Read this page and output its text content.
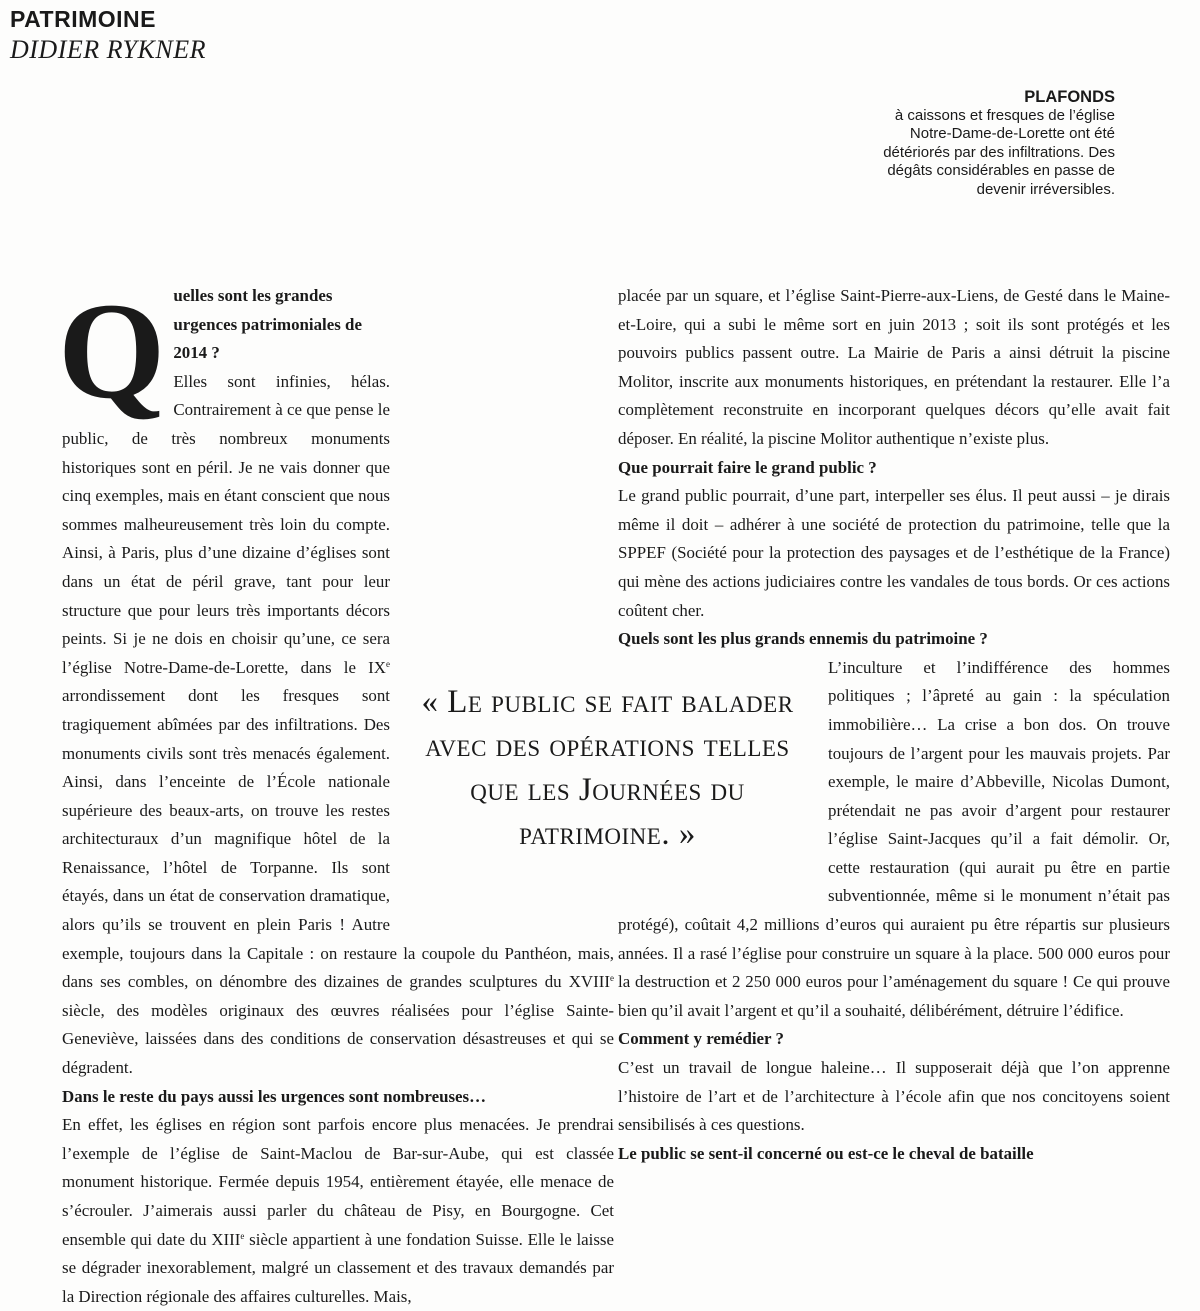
PATRIMOINE
DIDIER RYKNER
PLAFONDS
à caissons et fresques de l’église Notre-Dame-de-Lorette ont été détériorés par des infiltrations. Des dégâts considérables en passe de devenir irréversibles.
Q uelles sont les grandes urgences patrimoniales de 2014 ?

Elles sont infinies, hélas. Contrairement à ce que pense le public, de très nombreux monuments historiques sont en péril. Je ne vais donner que cinq exemples, mais en étant conscient que nous sommes malheureusement très loin du compte. Ainsi, à Paris, plus d’une dizaine d’églises sont dans un état de péril grave, tant pour leur structure que pour leurs très importants décors peints. Si je ne dois en choisir qu’une, ce sera l’église Notre-Dame-de-Lorette, dans le IXe arrondissement dont les fresques sont tragiquement abîmées par des infiltrations. Des monuments civils sont très menacés également. Ainsi, dans l’enceinte de l’École nationale supérieure des beaux-arts, on trouve les restes architecturaux d’un magnifique hôtel de la Renaissance, l’hôtel de Torpanne. Ils sont étayés, dans un état de conservation dramatique, alors qu’ils se trouvent en plein Paris ! Autre exemple, toujours dans la Capitale : on restaure la coupole du Panthéon, mais, dans ses combles, on dénombre des dizaines de grandes sculptures du XVIIIe siècle, des modèles originaux des œuvres réalisées pour l’église Sainte-Geneviève, laissées dans des conditions de conservation désastreuses et qui se dégradent.

Dans le reste du pays aussi les urgences sont nombreuses…

En effet, les églises en région sont parfois encore plus menacées. Je prendrai l’exemple de l’église de Saint-Maclou de Bar-sur-Aube, qui est classée monument historique. Fermée depuis 1954, entièrement étayée, elle menace de s’écrouler. J’aimerais aussi parler du château de Pisy, en Bourgogne. Cet ensemble qui date du XIIIe siècle appartient à une fondation Suisse. Elle le laisse se dégrader inexorablement, malgré un classement et des travaux demandés par la Direction régionale des affaires culturelles. Mais,

placée par un square, et l’église Saint-Pierre-aux-Liens, de Gesté dans le Maine-et-Loire, qui a subi le même sort en juin 2013 ; soit ils sont protégés et les pouvoirs publics passent outre. La Mairie de Paris a ainsi détruit la piscine Molitor, inscrite aux monuments historiques, en prétendant la restaurer. Elle l’a complètement reconstruite en incorporant quelques décors qu’elle avait fait déposer. En réalité, la piscine Molitor authentique n’existe plus.

Que pourrait faire le grand public ?

Le grand public pourrait, d’une part, interpeller ses élus. Il peut aussi – je dirais même il doit – adhérer à une société de protection du patrimoine, telle que la SPPEF (Société pour la protection des paysages et de l’esthétique de la France) qui mène des actions judiciaires contre les vandales de tous bords. Or ces actions coûtent cher.

Quels sont les plus grands ennemis du patrimoine ?

L’inculture et l’indifférence des hommes politiques ; l’âpreté au gain : la spéculation immobilière… La crise a bon dos. On trouve toujours de l’argent pour les mauvais projets. Par exemple, le maire d’Abbeville, Nicolas Dumont, prétendait ne pas avoir d’argent pour restaurer l’église Saint-Jacques qu’il a fait démolir. Or, cette restauration (qui aurait pu être en partie subventionnée, même si le monument n’était pas protégé), coûtait 4,2 millions d’euros qui auraient pu être répartis sur plusieurs années. Il a rasé l’église pour construire un square à la place. 500 000 euros pour la destruction et 2 250 000 euros pour l’aménagement du square ! Ce qui prouve bien qu’il avait l’argent et qu’il a souhaité, délibérément, détruire l’édifice.

Comment y remédier ?

C’est un travail de longue haleine… Il supposerait déjà que l’on apprenne l’histoire de l’art et de l’architecture à l’école afin que nos concitoyens soient sensibilisés à ces questions.

Le public se sent-il concerné ou est-ce le cheval de bataille

« Le public se fait balader avec des opérations telles que les Journées du patrimoine. »
